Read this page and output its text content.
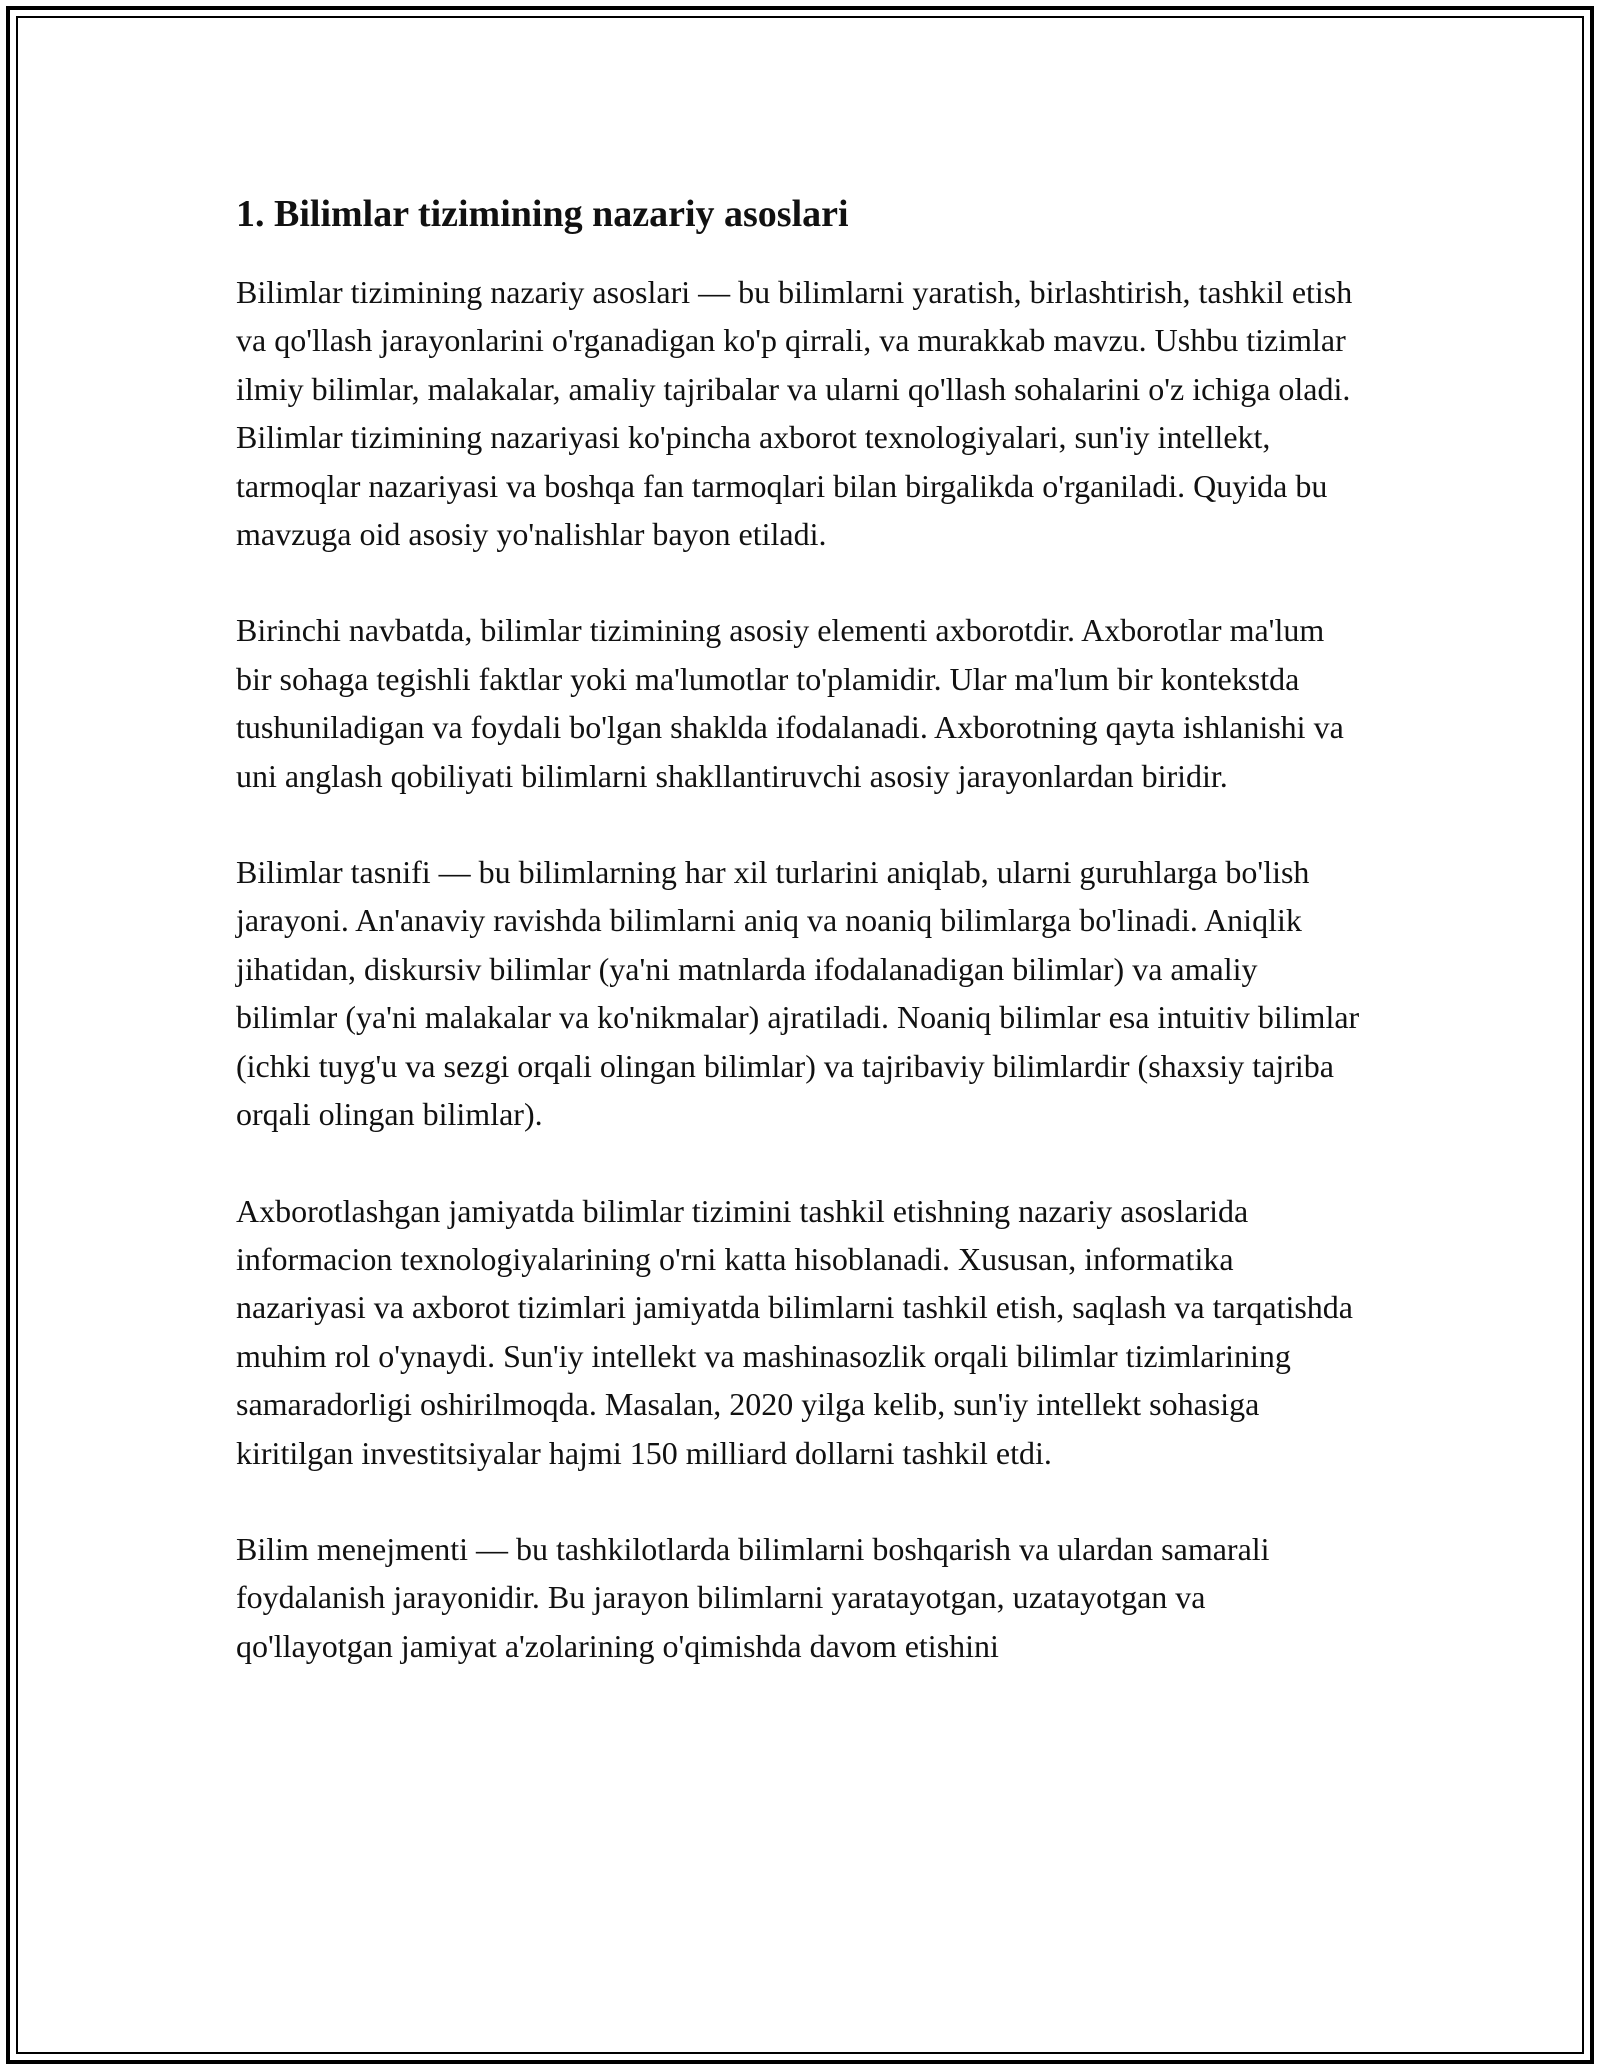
1. Bilimlar tizimining nazariy asoslari

Bilimlar tizimining nazariy asoslari — bu bilimlarni yaratish, birlashtirish, tashkil etish va qo'llash jarayonlarini o'rganadigan ko'p qirrali, va murakkab mavzu. Ushbu tizimlar ilmiy bilimlar, malakalar, amaliy tajribalar va ularni qo'llash sohalarini o'z ichiga oladi. Bilimlar tizimining nazariyasi ko'pincha axborot texnologiyalari, sun'iy intellekt, tarmoqlar nazariyasi va boshqa fan tarmoqlari bilan birgalikda o'rganiladi. Quyida bu mavzuga oid asosiy yo'nalishlar bayon etiladi.

Birinchi navbatda, bilimlar tizimining asosiy elementi axborotdir. Axborotlar ma'lum bir sohaga tegishli faktlar yoki ma'lumotlar to'plamidir. Ular ma'lum bir kontekstda tushuniladigan va foydali bo'lgan shaklda ifodalanadi. Axborotning qayta ishlanishi va uni anglash qobiliyati bilimlarni shakllantiruvchi asosiy jarayonlardan biridir.

Bilimlar tasnifi — bu bilimlarning har xil turlarini aniqlab, ularni guruhlarga bo'lish jarayoni. An'anaviy ravishda bilimlarni aniq va noaniq bilimlarga bo'linadi. Aniqlik jihatidan, diskursiv bilimlar (ya'ni matnlarda ifodalanadigan bilimlar) va amaliy bilimlar (ya'ni malakalar va ko'nikmalar) ajratiladi. Noaniq bilimlar esa intuitiv bilimlar (ichki tuyg'u va sezgi orqali olingan bilimlar) va tajribaviy bilimlardir (shaxsiy tajriba orqali olingan bilimlar).

Axborotlashgan jamiyatda bilimlar tizimini tashkil etishning nazariy asoslarida informacion texnologiyalarining o'rni katta hisoblanadi. Xususan, informatika nazariyasi va axborot tizimlari jamiyatda bilimlarni tashkil etish, saqlash va tarqatishda muhim rol o'ynaydi. Sun'iy intellekt va mashinasozlik orqali bilimlar tizimlarining samaradorligi oshirilmoqda. Masalan, 2020 yilga kelib, sun'iy intellekt sohasiga kiritilgan investitsiyalar hajmi 150 milliard dollarni tashkil etdi.

Bilim menejmenti — bu tashkilotlarda bilimlarni boshqarish va ulardan samarali foydalanish jarayonidir. Bu jarayon bilimlarni yaratayotgan, uzatayotgan va qo'llayotgan jamiyat a'zolarining o'qimishda davom etishini
